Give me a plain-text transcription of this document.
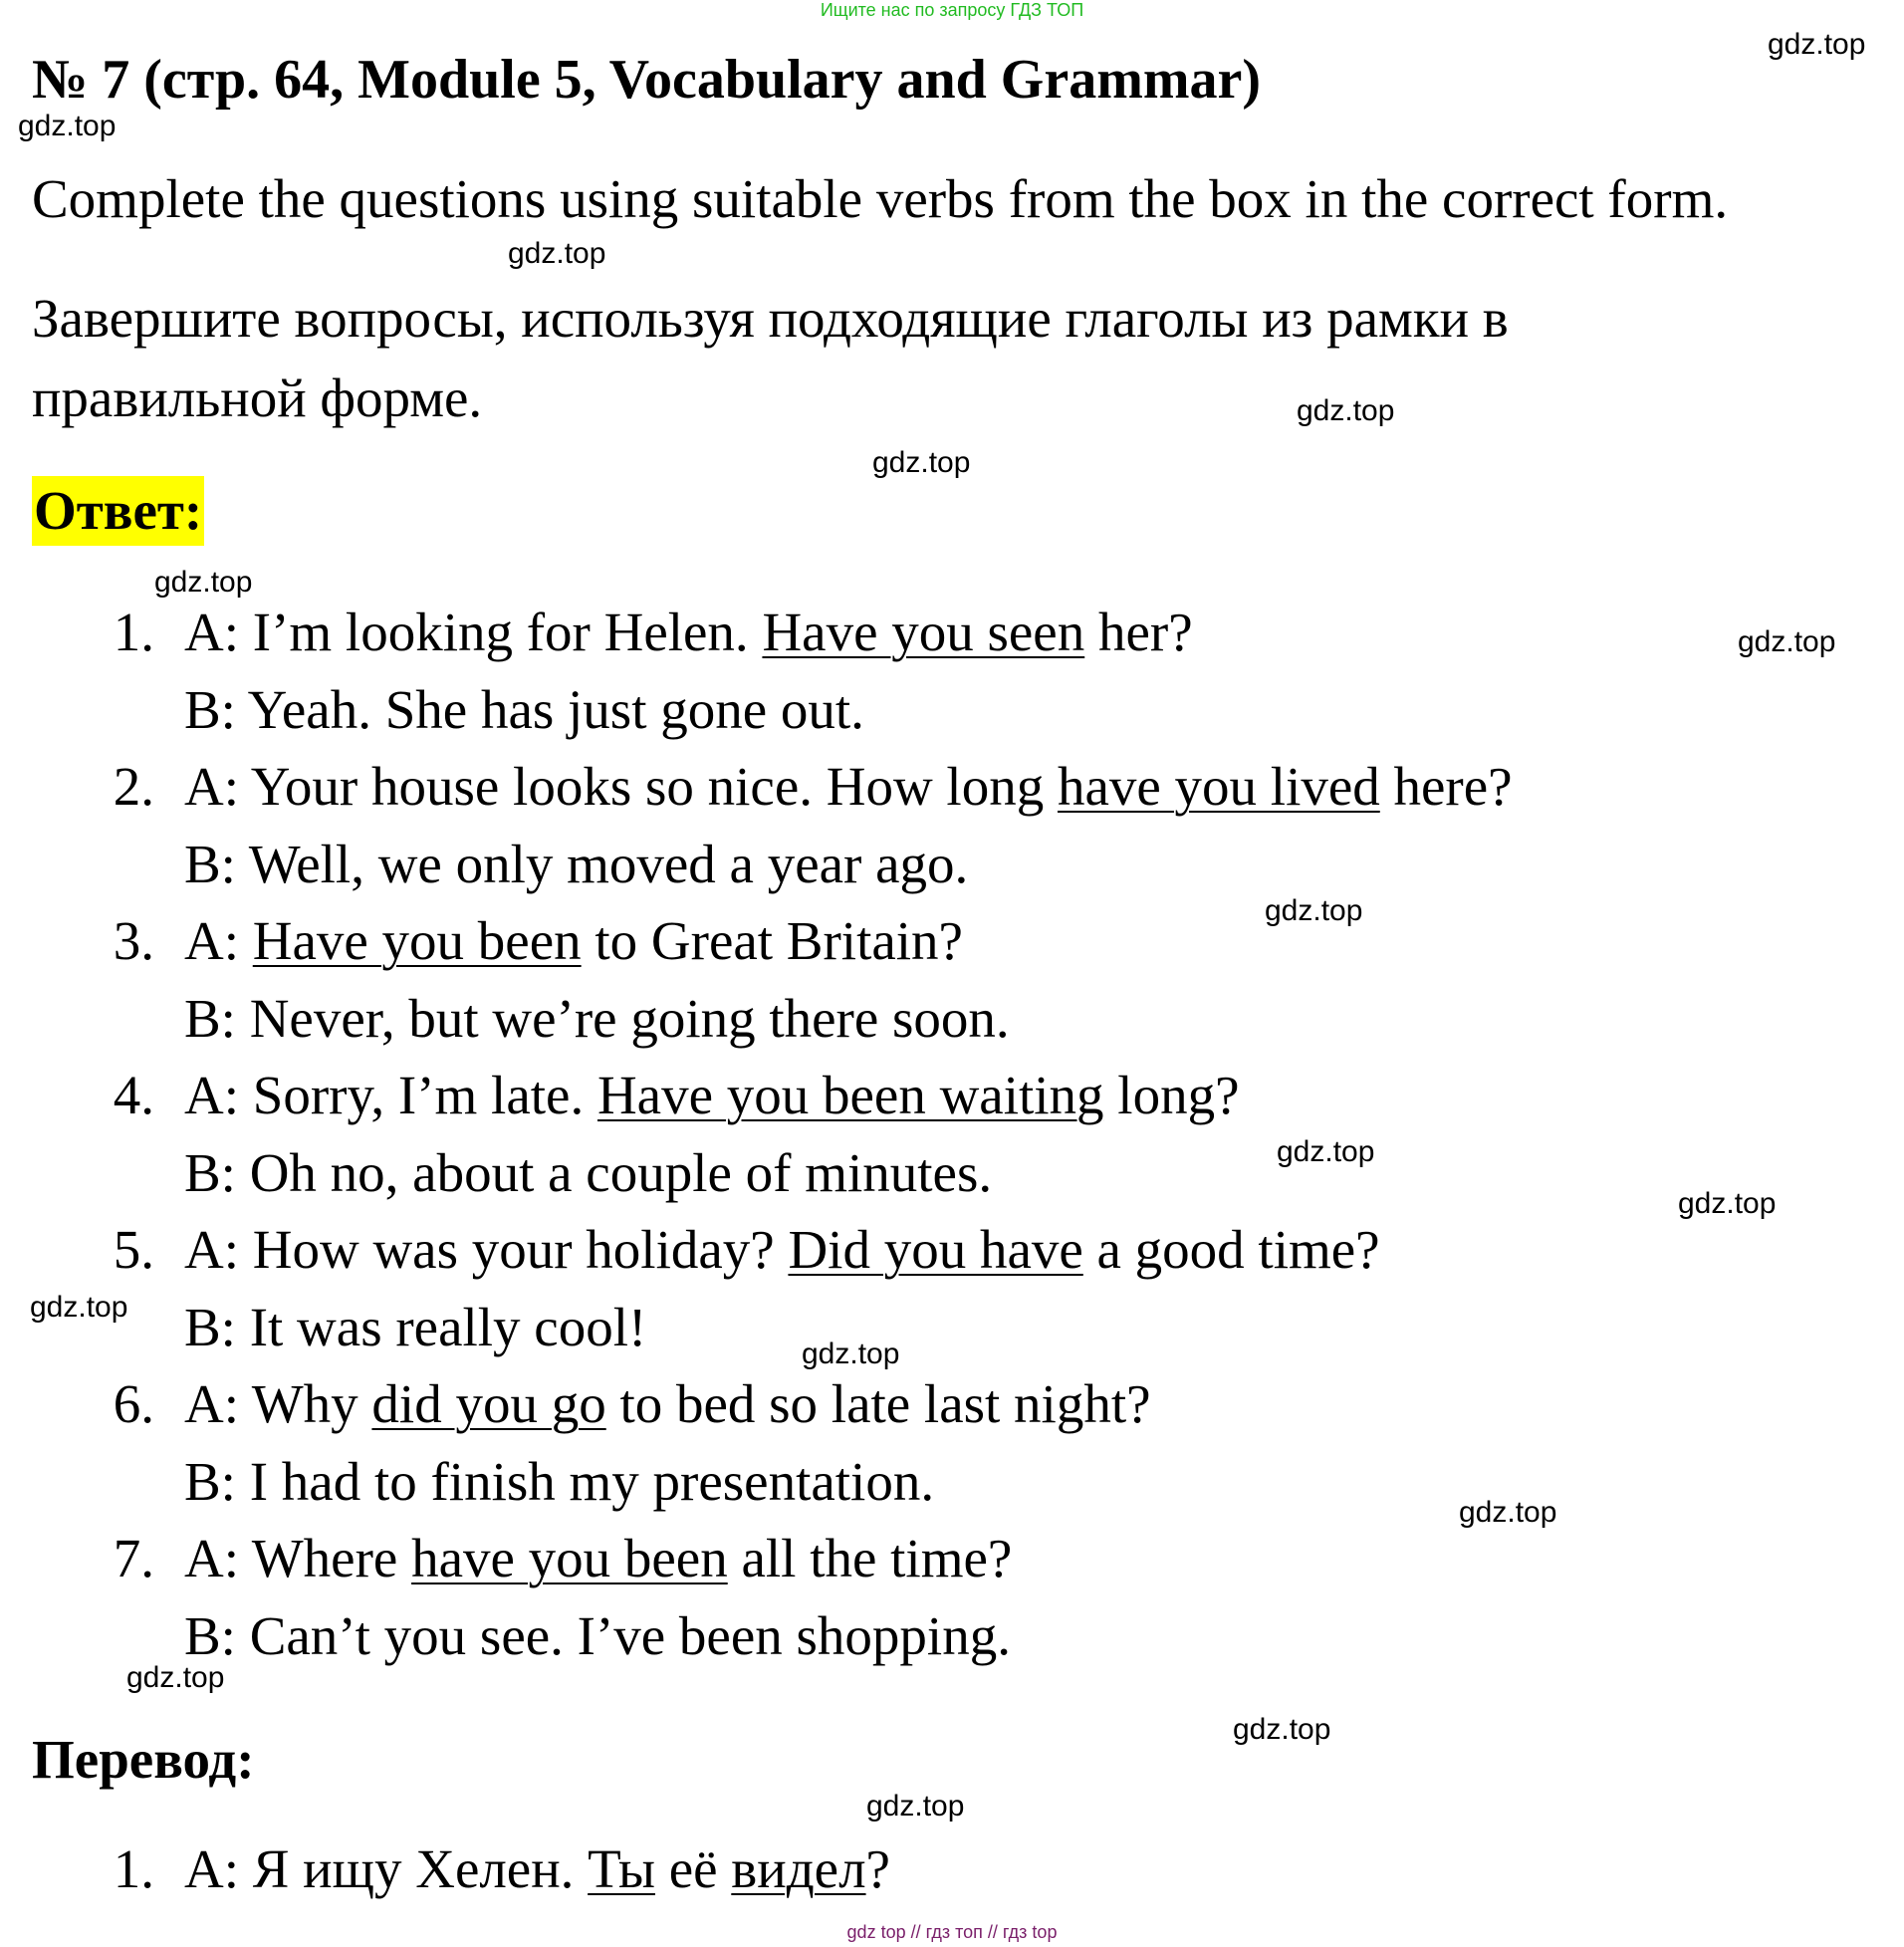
Ищите нас по запросу ГДЗ ТОП
№ 7 (стр. 64, Module 5, Vocabulary and Grammar)
Complete the questions using suitable verbs from the box in the correct form.
Завершите вопросы, используя подходящие глаголы из рамки в
правильной форме.
Ответ:
1. A: I’m looking for Helen. Have you seen her?
B: Yeah. She has just gone out.
2. A: Your house looks so nice. How long have you lived here?
B: Well, we only moved a year ago.
3. A: Have you been to Great Britain?
B: Never, but we’re going there soon.
4. A: Sorry, I’m late. Have you been waiting long?
B: Oh no, about a couple of minutes.
5. A: How was your holiday? Did you have a good time?
B: It was really cool!
6. A: Why did you go to bed so late last night?
B: I had to finish my presentation.
7. A: Where have you been all the time?
B: Can’t you see. I’ve been shopping.
Перевод:
1. A: Я ищу Хелен. Ты её видел?
gdz.top
gdz.top
gdz.top
gdz.top
gdz.top
gdz.top
gdz.top
gdz.top
gdz.top
gdz.top
gdz.top
gdz.top
gdz.top
gdz.top
gdz.top
gdz.top
gdz top // гдз топ // гдз top
